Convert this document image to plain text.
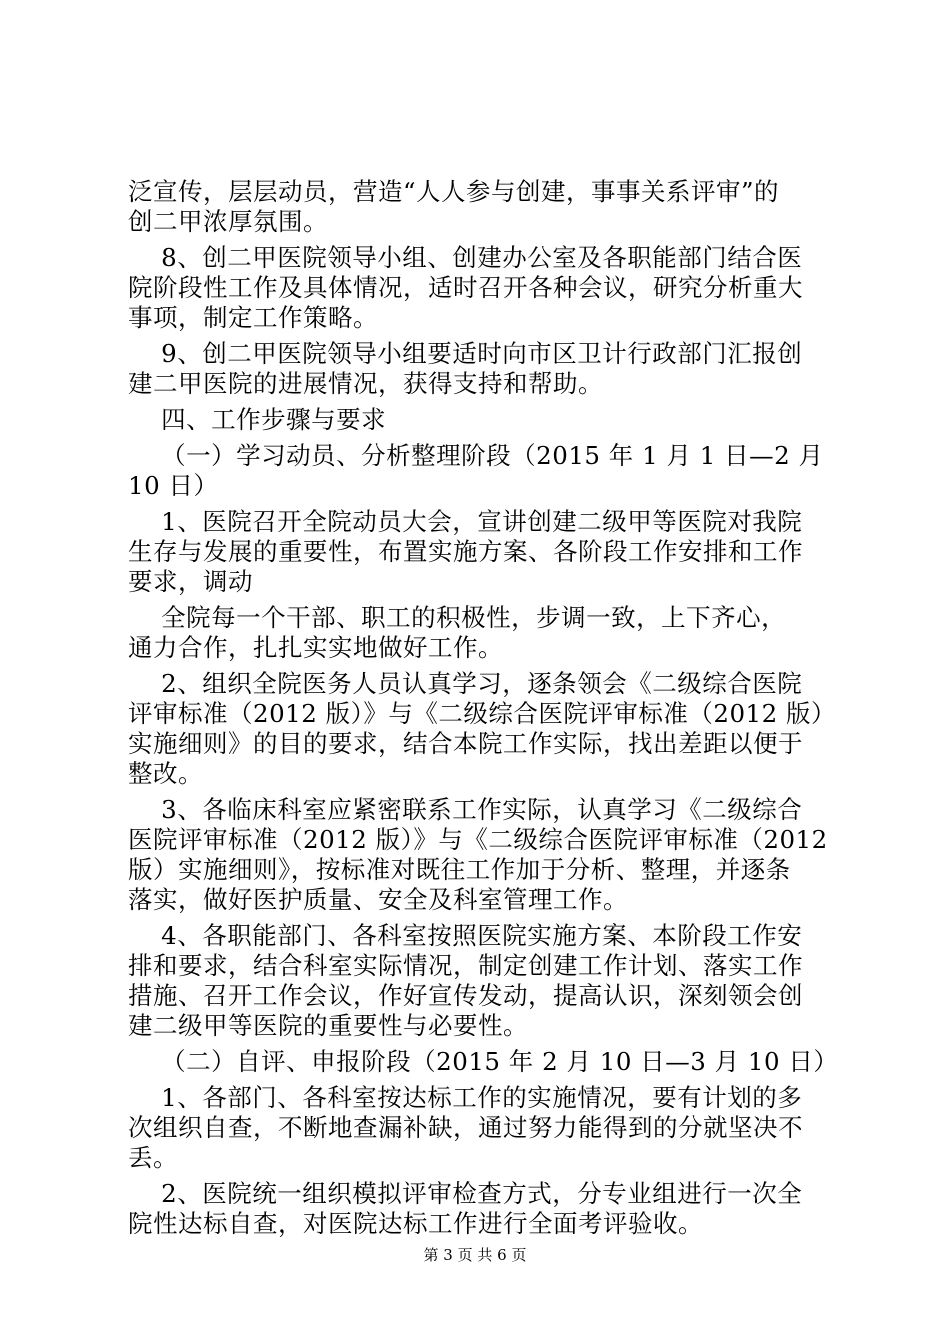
泛宣传，层层动员，营造“人人参与创建，事事关系评审”的
创二甲浓厚氛围。
8、创二甲医院领导小组、创建办公室及各职能部门结合医
院阶段性工作及具体情况，适时召开各种会议，研究分析重大
事项，制定工作策略。
9、创二甲医院领导小组要适时向市区卫计行政部门汇报创
建二甲医院的进展情况，获得支持和帮助。
四、工作步骤与要求
（一）学习动员、分析整理阶段（2015 年 1 月 1 日—2 月
10 日）
1、医院召开全院动员大会，宣讲创建二级甲等医院对我院
生存与发展的重要性，布置实施方案、各阶段工作安排和工作
要求，调动
全院每一个干部、职工的积极性，步调一致，上下齐心，
通力合作，扎扎实实地做好工作。
2、组织全院医务人员认真学习，逐条领会《二级综合医院
评审标准（2012 版）》与《二级综合医院评审标准（2012 版）
实施细则》的目的要求，结合本院工作实际，找出差距以便于
整改。
3、各临床科室应紧密联系工作实际，认真学习《二级综合
医院评审标准（2012 版）》与《二级综合医院评审标准（2012
版）实施细则》，按标准对既往工作加于分析、整理，并逐条
落实，做好医护质量、安全及科室管理工作。
4、各职能部门、各科室按照医院实施方案、本阶段工作安
排和要求，结合科室实际情况，制定创建工作计划、落实工作
措施、召开工作会议，作好宣传发动，提高认识，深刻领会创
建二级甲等医院的重要性与必要性。
（二）自评、申报阶段（2015 年 2 月 10 日—3 月 10 日）
1、各部门、各科室按达标工作的实施情况，要有计划的多
次组织自查，不断地查漏补缺，通过努力能得到的分就坚决不
丢。
2、医院统一组织模拟评审检查方式，分专业组进行一次全
院性达标自查，对医院达标工作进行全面考评验收。
第 3 页 共 6 页
